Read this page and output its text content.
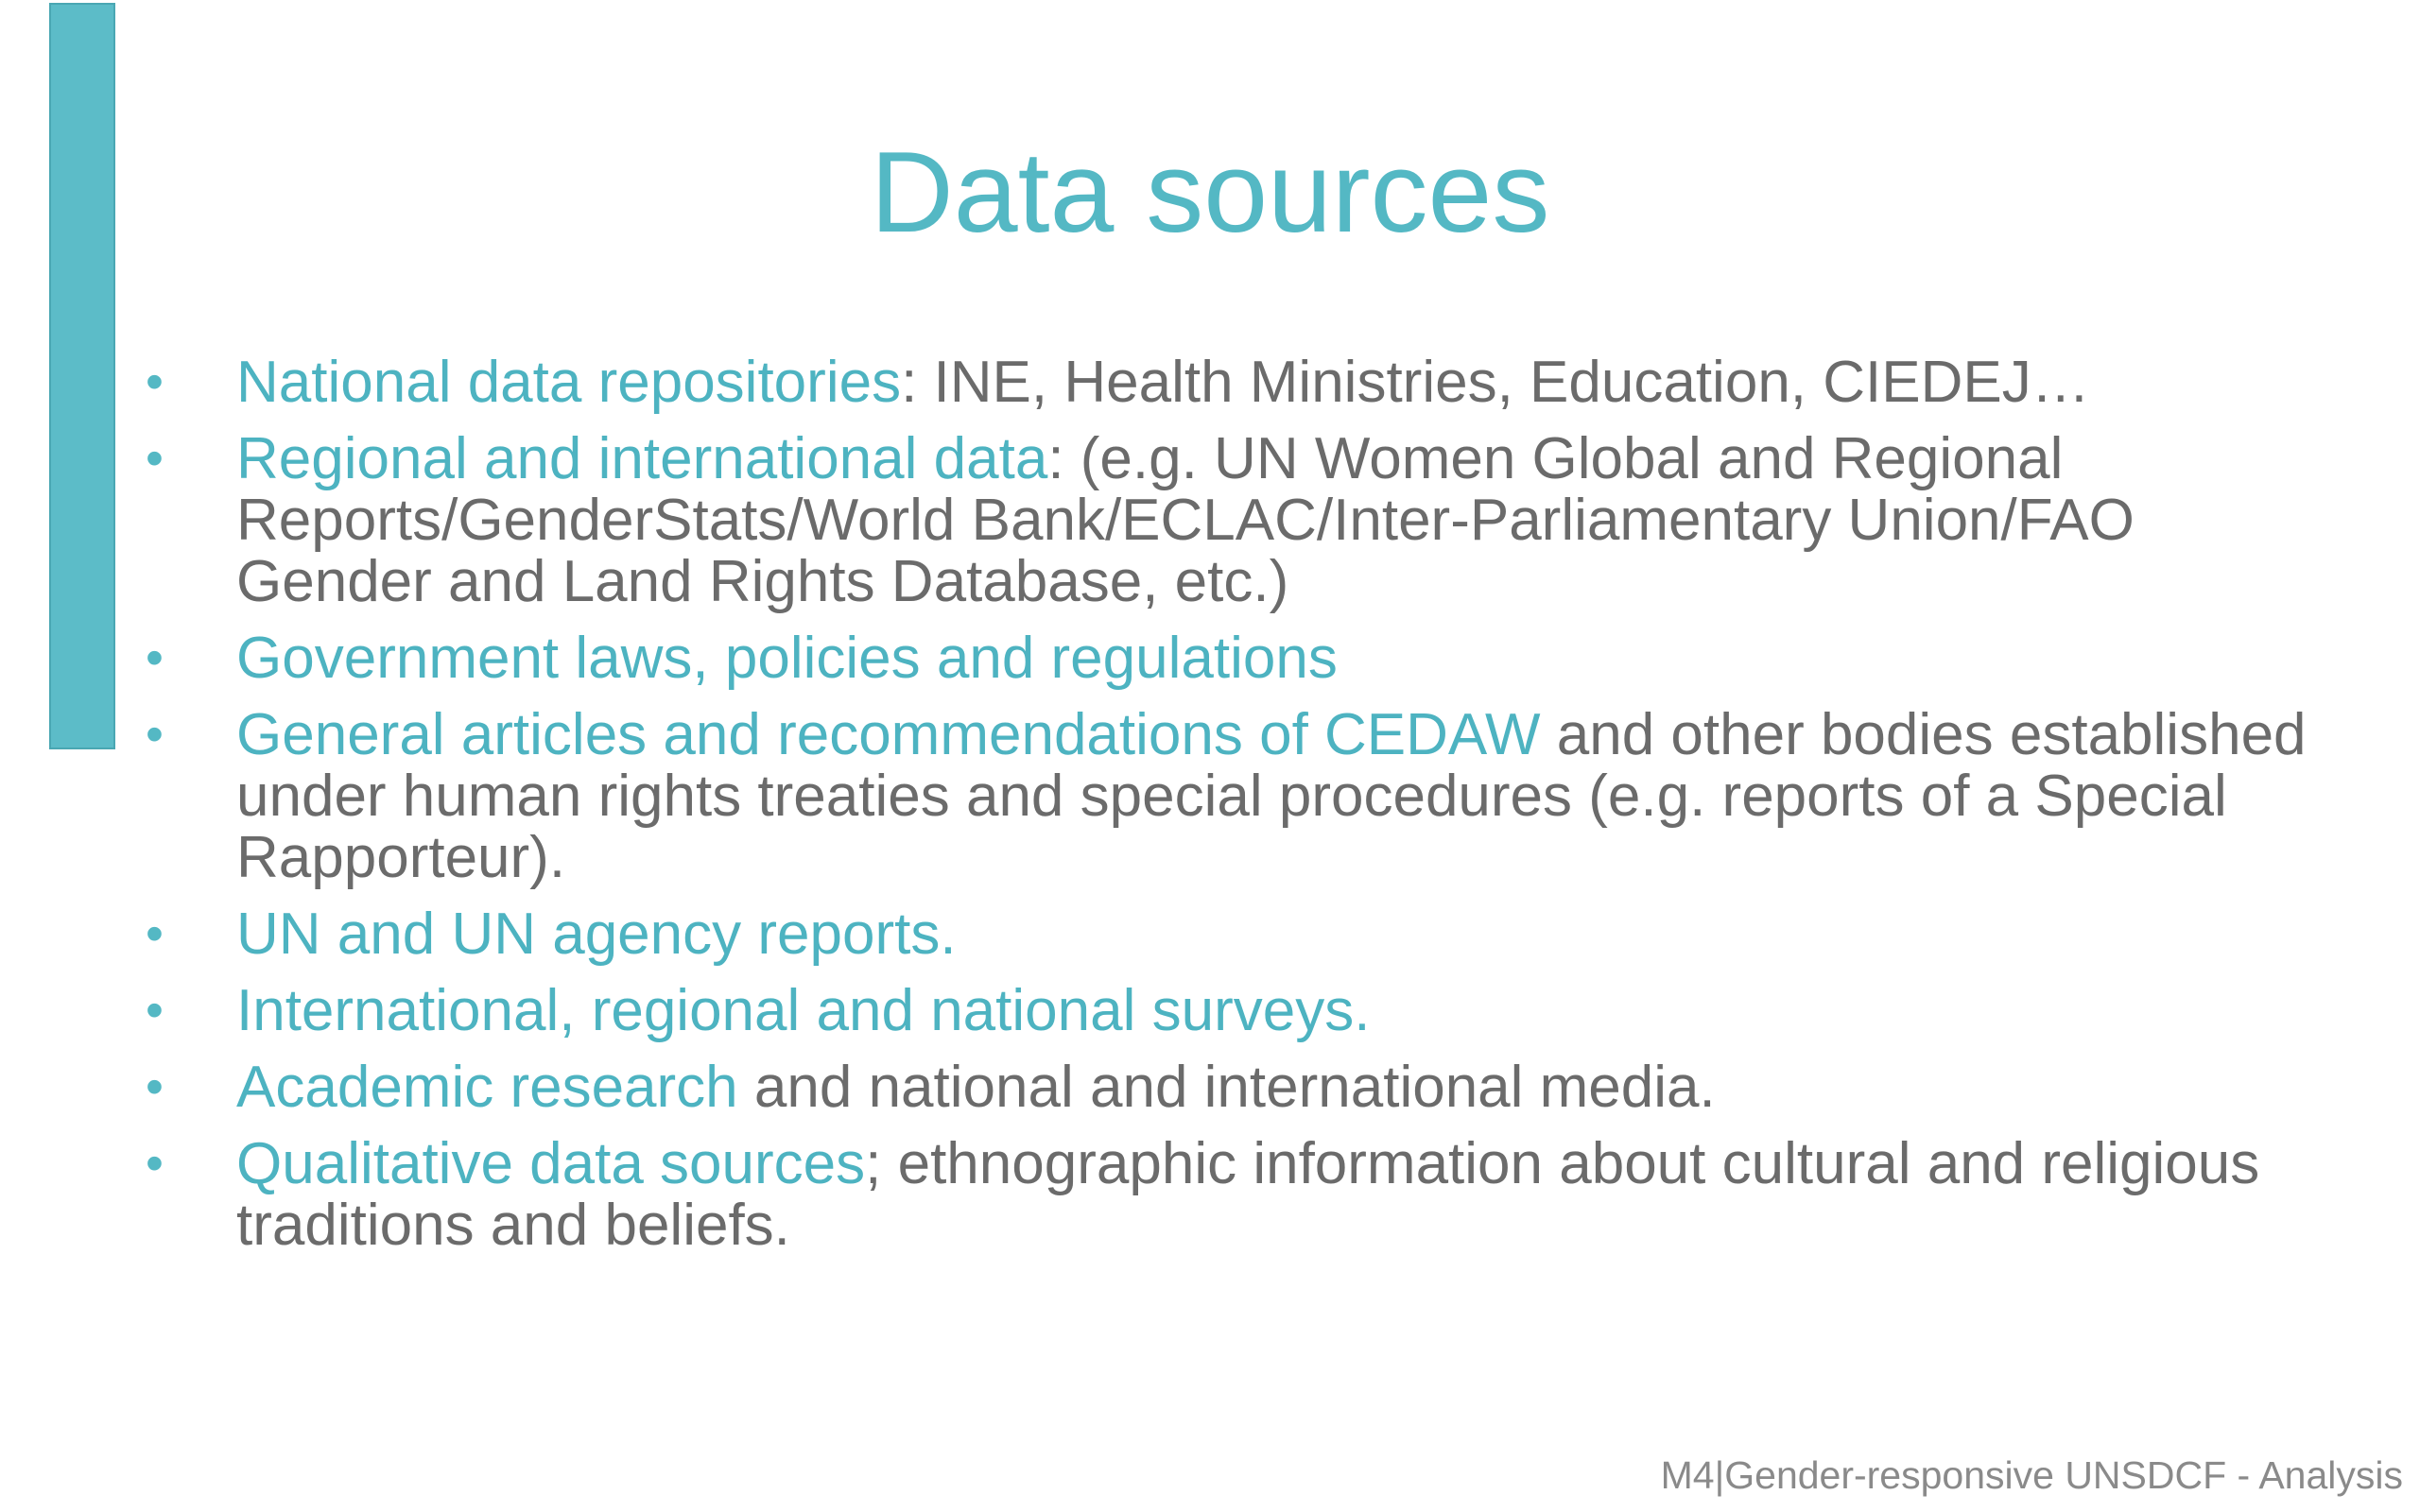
Data sources
• National data repositories: INE, Health Ministries, Education, CIEDEJ…
• Regional and international data: (e.g. UN Women Global and Regional Reports/GenderStats/World Bank/ECLAC/Inter-Parliamentary Union/FAO Gender and Land Rights Database, etc.)
• Government laws, policies and regulations
• General articles and recommendations of CEDAW and other bodies established under human rights treaties and special procedures (e.g. reports of a Special Rapporteur).
• UN and UN agency reports.
• International, regional and national surveys.
• Academic research and national and international media.
• Qualitative data sources; ethnographic information about cultural and religious traditions and beliefs.
M4|Gender-responsive UNSDCF - Analysis
